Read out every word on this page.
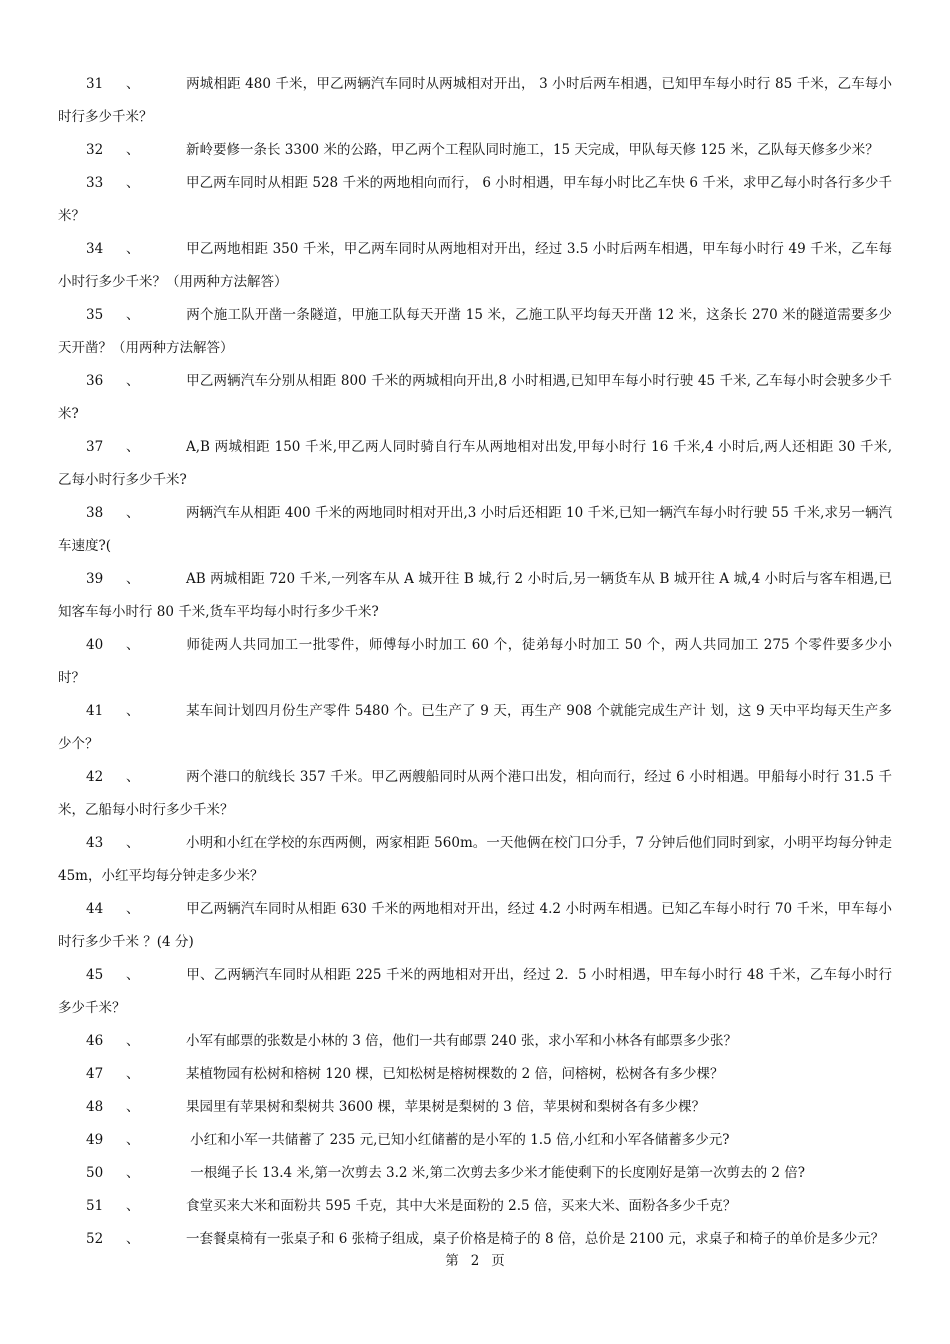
31 、	两城相距 480 千米，甲乙两辆汽车同时从两城相对开出， 3 小时后两车相遇，已知甲车每小时行 85 千米，乙车每小时行多少千米？
32 、	新岭要修一条长 3300 米的公路，甲乙两个工程队同时施工，15 天完成，甲队每天修 125 米，乙队每天修多少米？
33 、	甲乙两车同时从相距 528 千米的两地相向而行， 6 小时相遇，甲车每小时比乙车快 6 千米，求甲乙每小时各行多少千米？
34 、	甲乙两地相距 350 千米，甲乙两车同时从两地相对开出，经过 3.5 小时后两车相遇，甲车每小时行 49 千米，乙车每小时行多少千米？（用两种方法解答）
35 、	两个施工队开凿一条隧道，甲施工队每天开凿 15 米，乙施工队平均每天开凿 12 米，这条长 270 米的隧道需要多少天开凿？（用两种方法解答）
36 、	甲乙两辆汽车分别从相距 800 千米的两城相向开出,8 小时相遇,已知甲车每小时行驶 45 千米, 乙车每小时会驶多少千米?
37 、	A,B 两城相距 150 千米,甲乙两人同时骑自行车从两地相对出发,甲每小时行 16 千米,4 小时后,两人还相距 30 千米, 乙每小时行多少千米?
38 、	两辆汽车从相距 400 千米的两地同时相对开出,3 小时后还相距 10 千米,已知一辆汽车每小时行驶 55 千米,求另一辆汽车速度?(
39 、	AB 两城相距 720 千米,一列客车从 A 城开往 B 城,行 2 小时后,另一辆货车从 B 城开往 A 城,4 小时后与客车相遇,已知客车每小时行 80 千米,货车平均每小时行多少千米?
40 、	师徒两人共同加工一批零件，师傅每小时加工 60 个，徒弟每小时加工 50 个，两人共同加工 275 个零件要多少小时？
41 、	某车间计划四月份生产零件 5480 个。已生产了 9 天，再生产 908 个就能完成生产计 划，这 9 天中平均每天生产多少个？
42 、	两个港口的航线长 357 千米。甲乙两艘船同时从两个港口出发，相向而行，经过 6 小时相遇。甲船每小时行 31.5 千米，乙船每小时行多少千米？
43 、	小明和小红在学校的东西两侧，两家相距 560m。一天他俩在校门口分手，7 分钟后他们同时到家，小明平均每分钟走 45m，小红平均每分钟走多少米？
44 、	甲乙两辆汽车同时从相距 630 千米的两地相对开出，经过 4.2 小时两车相遇。已知乙车每小时行 70 千米，甲车每小时行多少千米 ？(4 分)
45 、	甲、乙两辆汽车同时从相距 225 千米的两地相对开出，经过 2．5 小时相遇，甲车每小时行 48 千米，乙车每小时行多少千米？
46 、	小军有邮票的张数是小林的 3 倍，他们一共有邮票 240 张，求小军和小林各有邮票多少张？
47 、	某植物园有松树和榕树 120 棵，已知松树是榕树棵数的 2 倍，问榕树，松树各有多少棵？
48 、	果园里有苹果树和梨树共 3600 棵，苹果树是梨树的 3 倍，苹果树和梨树各有多少棵？
49 、	小红和小军一共储蓄了 235 元,已知小红储蓄的是小军的 1.5 倍,小红和小军各储蓄多少元?
50 、	一根绳子长 13.4 米,第一次剪去 3.2 米,第二次剪去多少米才能使剩下的长度刚好是第一次剪去的 2 倍?
51 、	食堂买来大米和面粉共 595 千克，其中大米是面粉的 2.5 倍，买来大米、面粉各多少千克？
52 、	一套餐桌椅有一张桌子和 6 张椅子组成，桌子价格是椅子的 8 倍，总价是 2100 元，求桌子和椅子的单价是多少元？
第 2 页
